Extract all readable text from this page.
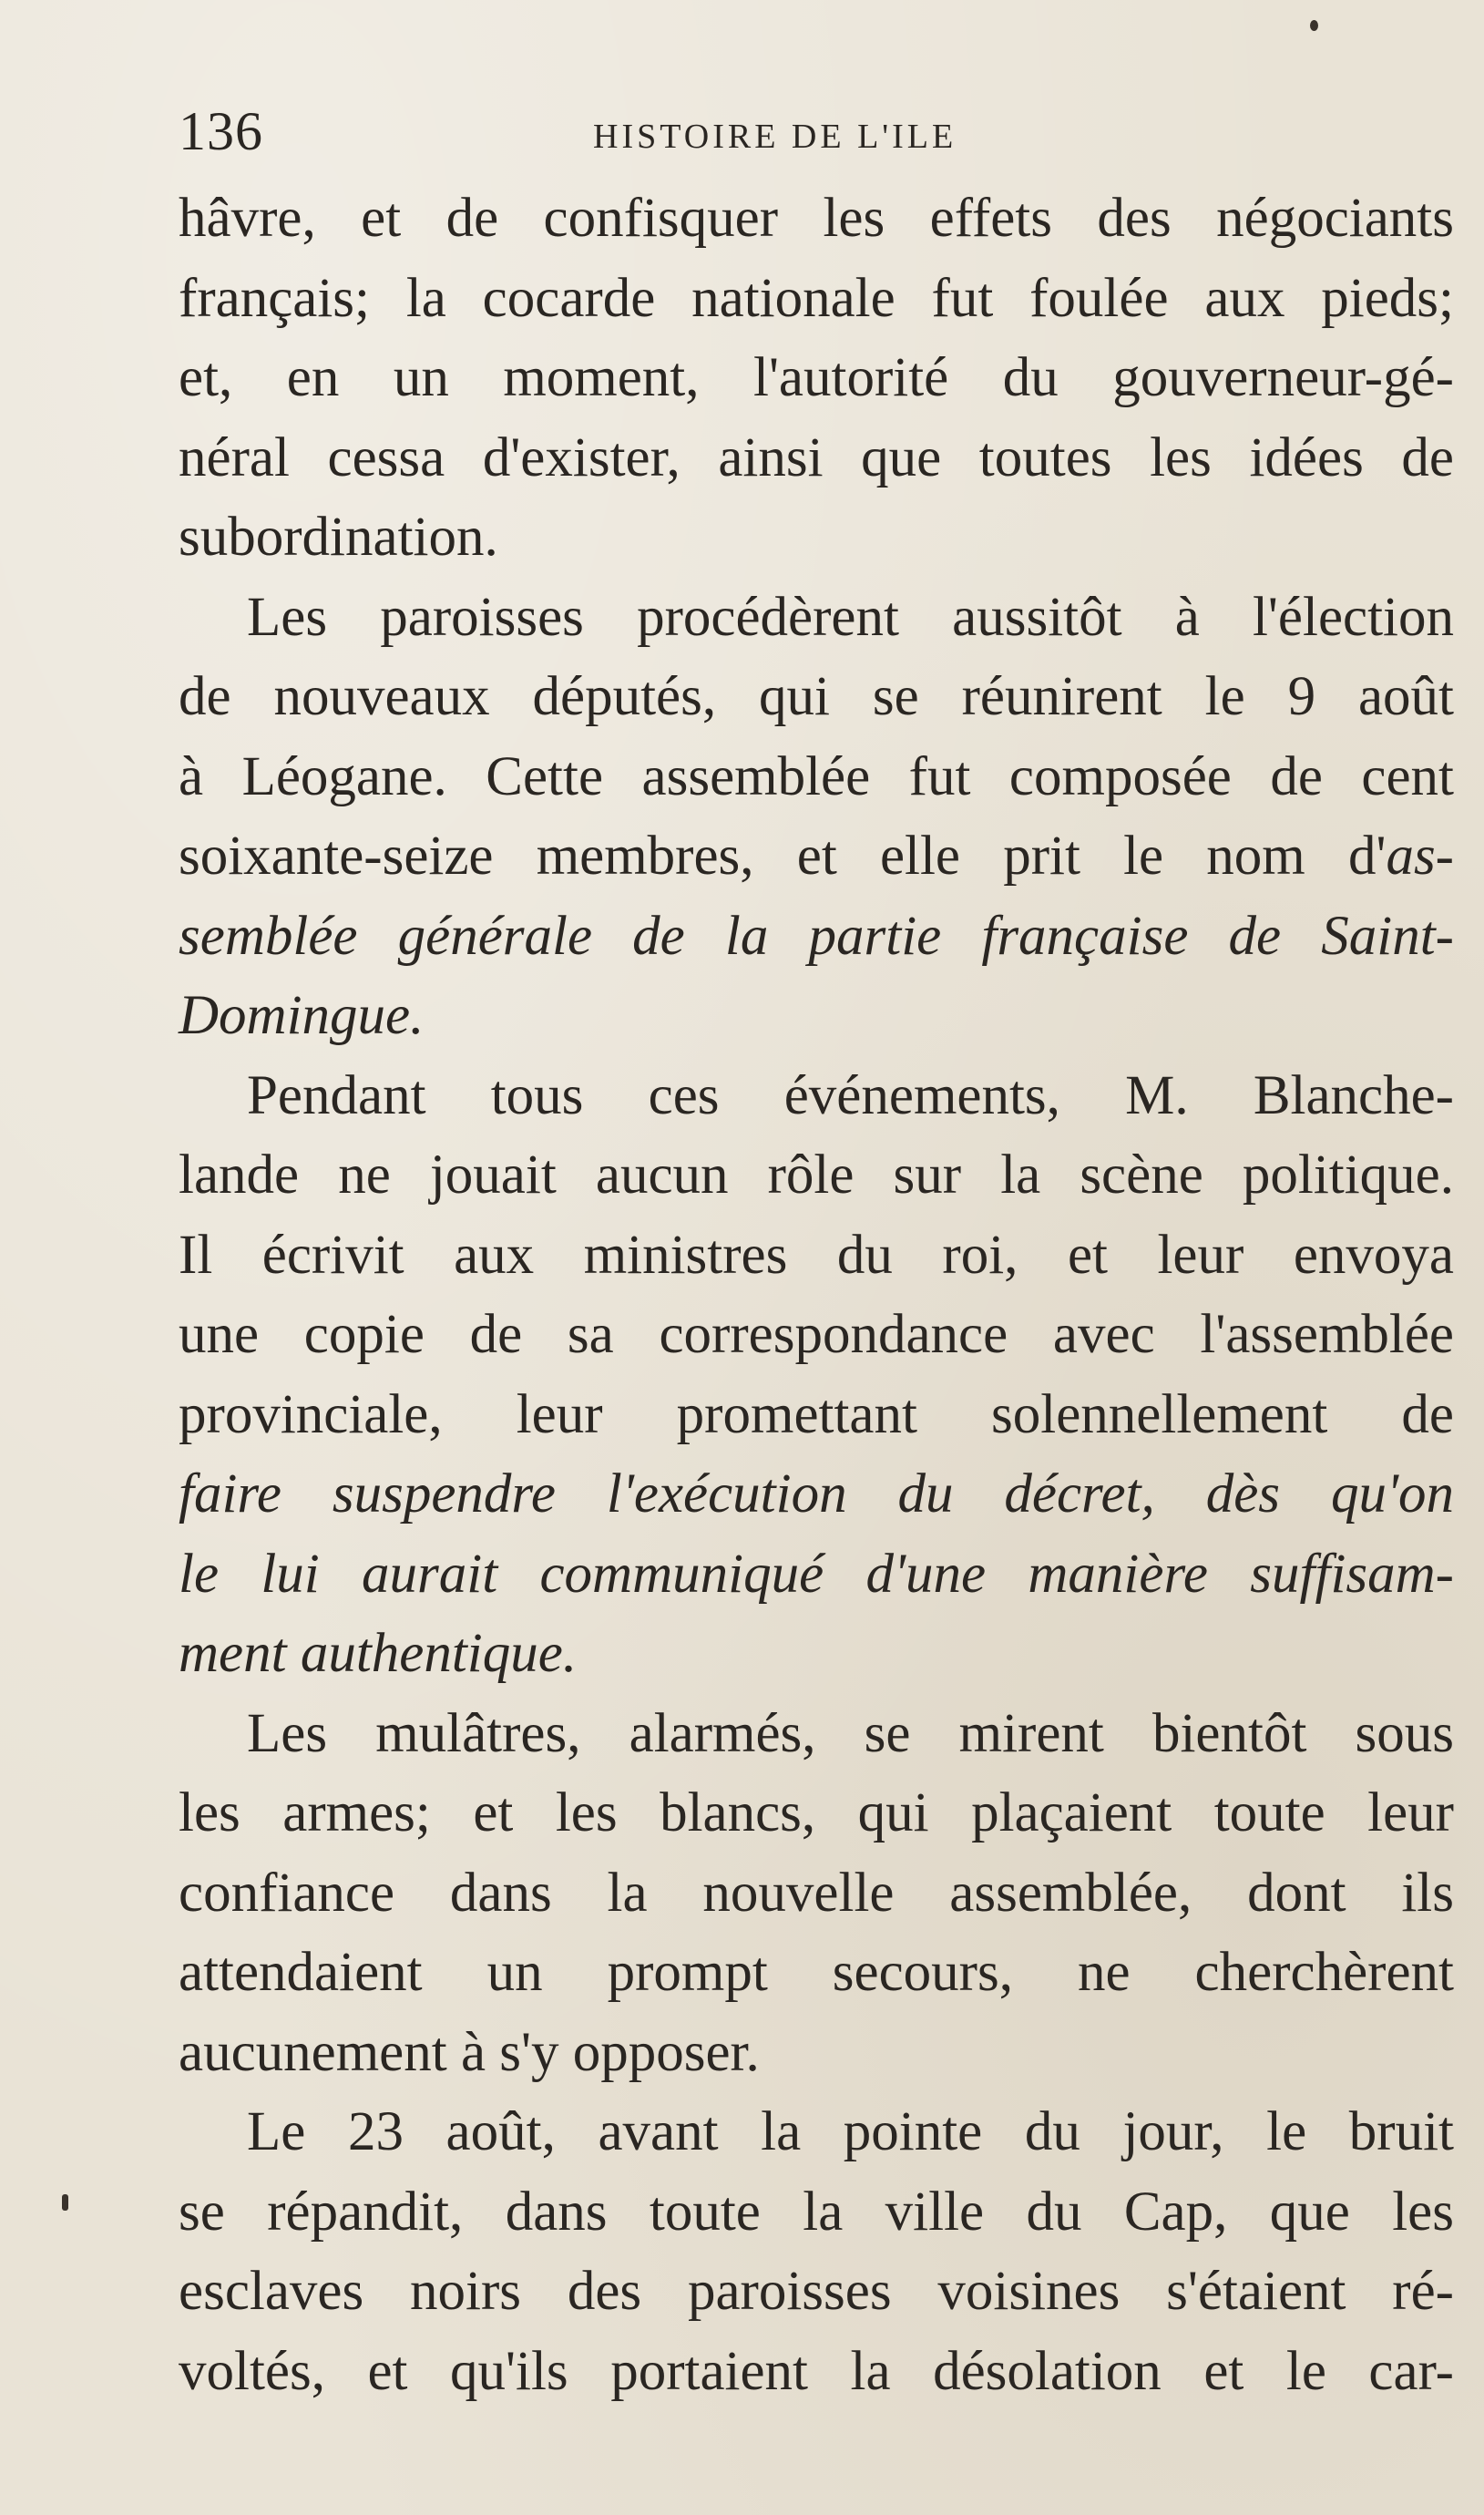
136	HISTOIRE DE L'ILE
hâvre, et de confisquer les effets des négociants
français; la cocarde nationale fut foulée aux pieds;
et, en un moment, l'autorité du gouverneur-gé-
néral cessa d'exister, ainsi que toutes les idées de
subordination.
Les paroisses procédèrent aussitôt à l'élection
de nouveaux députés, qui se réunirent le 9 août
à Léogane. Cette assemblée fut composée de cent
soixante-seize membres, et elle prit le nom d'as-
semblée générale de la partie française de Saint-
Domingue.
Pendant tous ces événements, M. Blanche-
lande ne jouait aucun rôle sur la scène politique.
Il écrivit aux ministres du roi, et leur envoya
une copie de sa correspondance avec l'assemblée
provinciale, leur promettant solennellement de
faire suspendre l'exécution du décret, dès qu'on
le lui aurait communiqué d'une manière suffisam-
ment authentique.
Les mulâtres, alarmés, se mirent bientôt sous
les armes; et les blancs, qui plaçaient toute leur
confiance dans la nouvelle assemblée, dont ils
attendaient un prompt secours, ne cherchèrent
aucunement à s'y opposer.
Le 23 août, avant la pointe du jour, le bruit
se répandit, dans toute la ville du Cap, que les
esclaves noirs des paroisses voisines s'étaient ré-
voltés, et qu'ils portaient la désolation et le car-
